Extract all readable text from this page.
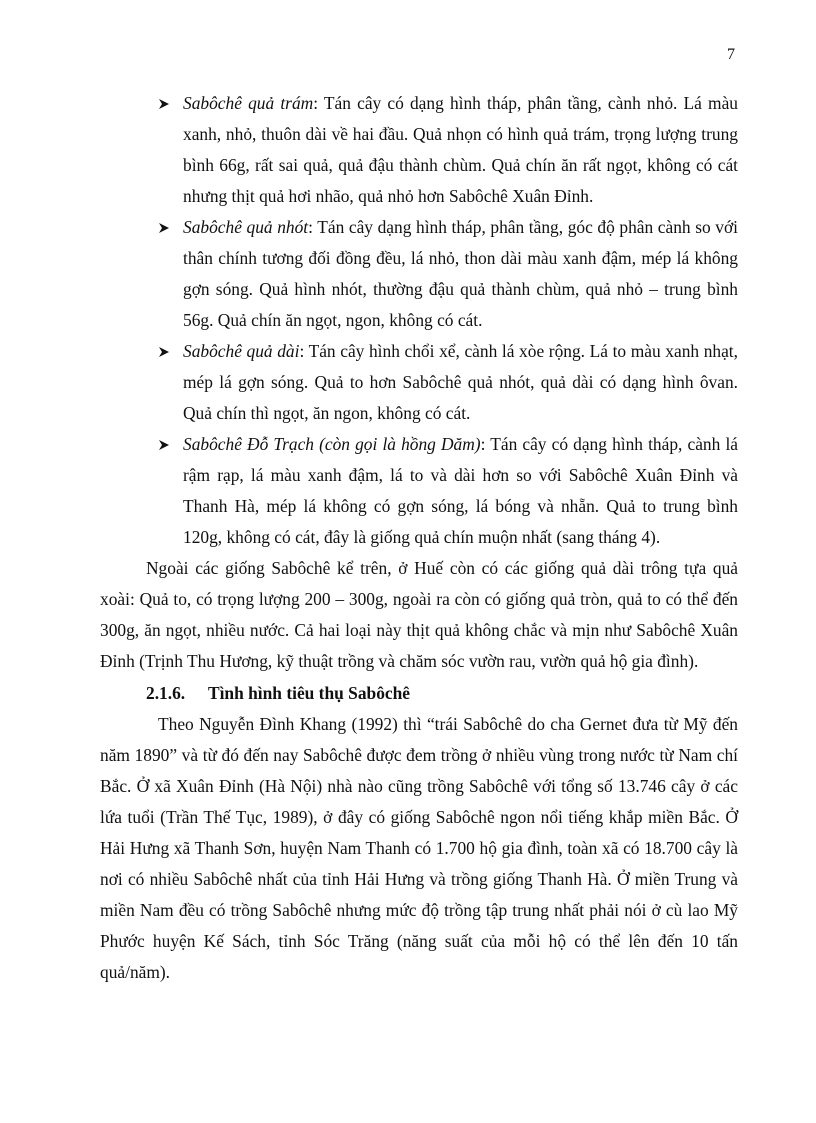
7
Sabôchê quả trám: Tán cây có dạng hình tháp, phân tầng, cành nhỏ. Lá màu xanh, nhỏ, thuôn dài về hai đầu. Quả nhọn có hình quả trám, trọng lượng trung bình 66g, rất sai quả, quả đậu thành chùm. Quả chín ăn rất ngọt, không có cát nhưng thịt quả hơi nhão, quả nhỏ hơn Sabôchê Xuân Đỉnh.
Sabôchê quả nhót: Tán cây dạng hình tháp, phân tầng, góc độ phân cành so với thân chính tương đối đồng đều, lá nhỏ, thon dài màu xanh đậm, mép lá không gợn sóng. Quả hình nhót, thường đậu quả thành chùm, quả nhỏ – trung bình 56g. Quả chín ăn ngọt, ngon, không có cát.
Sabôchê quả dài: Tán cây hình chổi xể, cành lá xòe rộng. Lá to màu xanh nhạt, mép lá gợn sóng. Quả to hơn Sabôchê quả nhót, quả dài có dạng hình ôvan. Quả chín thì ngọt, ăn ngon, không có cát.
Sabôchê Đỗ Trạch (còn gọi là hồng Dăm): Tán cây có dạng hình tháp, cành lá rậm rạp, lá màu xanh đậm, lá to và dài hơn so với Sabôchê Xuân Đỉnh và Thanh Hà, mép lá không có gợn sóng, lá bóng và nhẵn. Quả to trung bình 120g, không có cát, đây là giống quả chín muộn nhất (sang tháng 4).
Ngoài các giống Sabôchê kể trên, ở Huế còn có các giống quả dài trông tựa quả xoài: Quả to, có trọng lượng 200 – 300g, ngoài ra còn có giống quả tròn, quả to có thể đến 300g, ăn ngọt, nhiều nước. Cả hai loại này thịt quả không chắc và mịn như Sabôchê Xuân Đỉnh (Trịnh Thu Hương, kỹ thuật trồng và chăm sóc vườn rau, vườn quả hộ gia đình).
2.1.6. Tình hình tiêu thụ Sabôchê
Theo Nguyễn Đình Khang (1992) thì “trái Sabôchê do cha Gernet đưa từ Mỹ đến năm 1890” và từ đó đến nay Sabôchê được đem trồng ở nhiều vùng trong nước từ Nam chí Bắc. Ở xã Xuân Đỉnh (Hà Nội) nhà nào cũng trồng Sabôchê với tổng số 13.746 cây ở các lứa tuổi (Trần Thế Tục, 1989), ở đây có giống Sabôchê ngon nổi tiếng khắp miền Bắc. Ở Hải Hưng xã Thanh Sơn, huyện Nam Thanh có 1.700 hộ gia đình, toàn xã có 18.700 cây là nơi có nhiều Sabôchê nhất của tỉnh Hải Hưng và trồng giống Thanh Hà. Ở miền Trung và miền Nam đều có trồng Sabôchê nhưng mức độ trồng tập trung nhất phải nói ở cù lao Mỹ Phước huyện Kế Sách, tỉnh Sóc Trăng (năng suất của mỗi hộ có thể lên đến 10 tấn quả/năm).
